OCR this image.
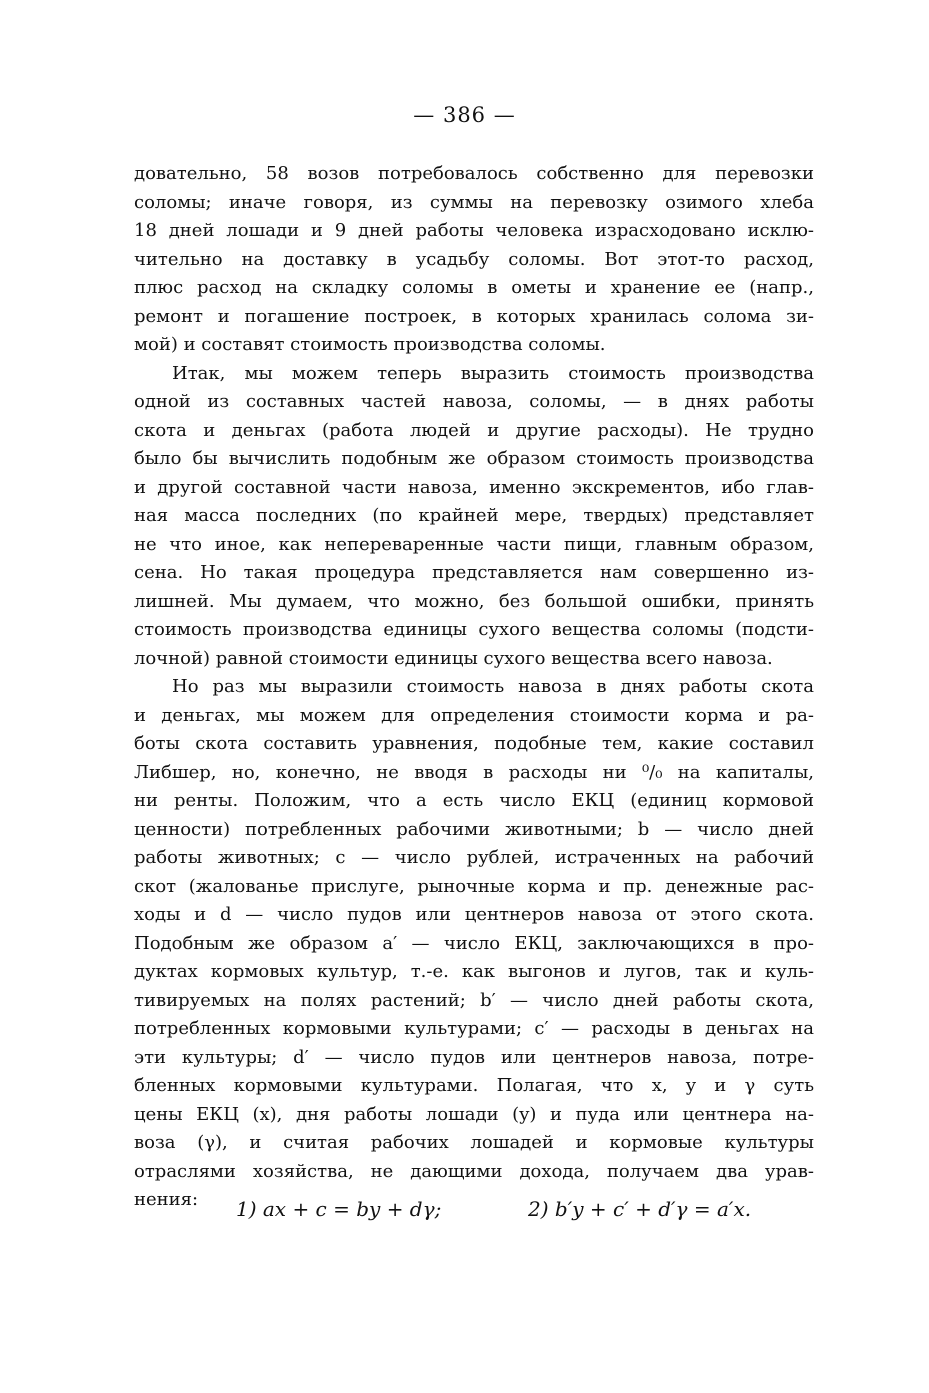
— 386 —
довательно, 58 возов потребовалось собственно для перевозки
соломы; иначе говоря, из суммы на перевозку озимого хлеба
18 дней лошади и 9 дней работы человека израсходовано исклю-
чительно на доставку в усадьбу соломы. Вот этот-то расход,
плюс расход на складку соломы в ометы и хранение ее (напр.,
ремонт и погашение построек, в которых хранилась солома зи-
мой) и составят стоимость производства соломы.
Итак, мы можем теперь выразить стоимость производства
одной из составных частей навоза, соломы, — в днях работы
скота и деньгах (работа людей и другие расходы). Не трудно
было бы вычислить подобным же образом стоимость производства
и другой составной части навоза, именно экскрементов, ибо глав-
ная масса последних (по крайней мере, твердых) представляет
не что иное, как непереваренные части пищи, главным образом,
сена. Но такая процедура представляется нам совершенно из-
лишней. Мы думаем, что можно, без большой ошибки, принять
стоимость производства единицы сухого вещества соломы (подсти-
лочной) равной стоимости единицы сухого вещества всего навоза.
Но раз мы выразили стоимость навоза в днях работы скота
и деньгах, мы можем для определения стоимости корма и ра-
боты скота составить уравнения, подобные тем, какие составил
Либшер, но, конечно, не вводя в расходы ни ⁰/₀ на капиталы,
ни ренты. Положим, что a есть число ЕКЦ (единиц кормовой
ценности) потребленных рабочими животными; b — число дней
работы животных; c — число рублей, истраченных на рабочий
скот (жалованье прислуге, рыночные корма и пр. денежные рас-
ходы и d — число пудов или центнеров навоза от этого скота.
Подобным же образом a′ — число ЕКЦ, заключающихся в про-
дуктах кормовых культур, т.-е. как выгонов и лугов, так и куль-
тивируемых на полях растений; b′ — число дней работы скота,
потребленных кормовыми культурами; c′ — расходы в деньгах на
эти культуры; d′ — число пудов или центнеров навоза, потре-
бленных кормовыми культурами. Полагая, что x, y и γ суть
цены ЕКЦ (x), дня работы лошади (y) и пуда или центнера на-
воза (γ), и считая рабочих лошадей и кормовые культуры
отраслями хозяйства, не дающими дохода, получаем два урав-
нения:	1) ax + c = by + dγ;	2) b′y + c′ + d′γ = a′x.
